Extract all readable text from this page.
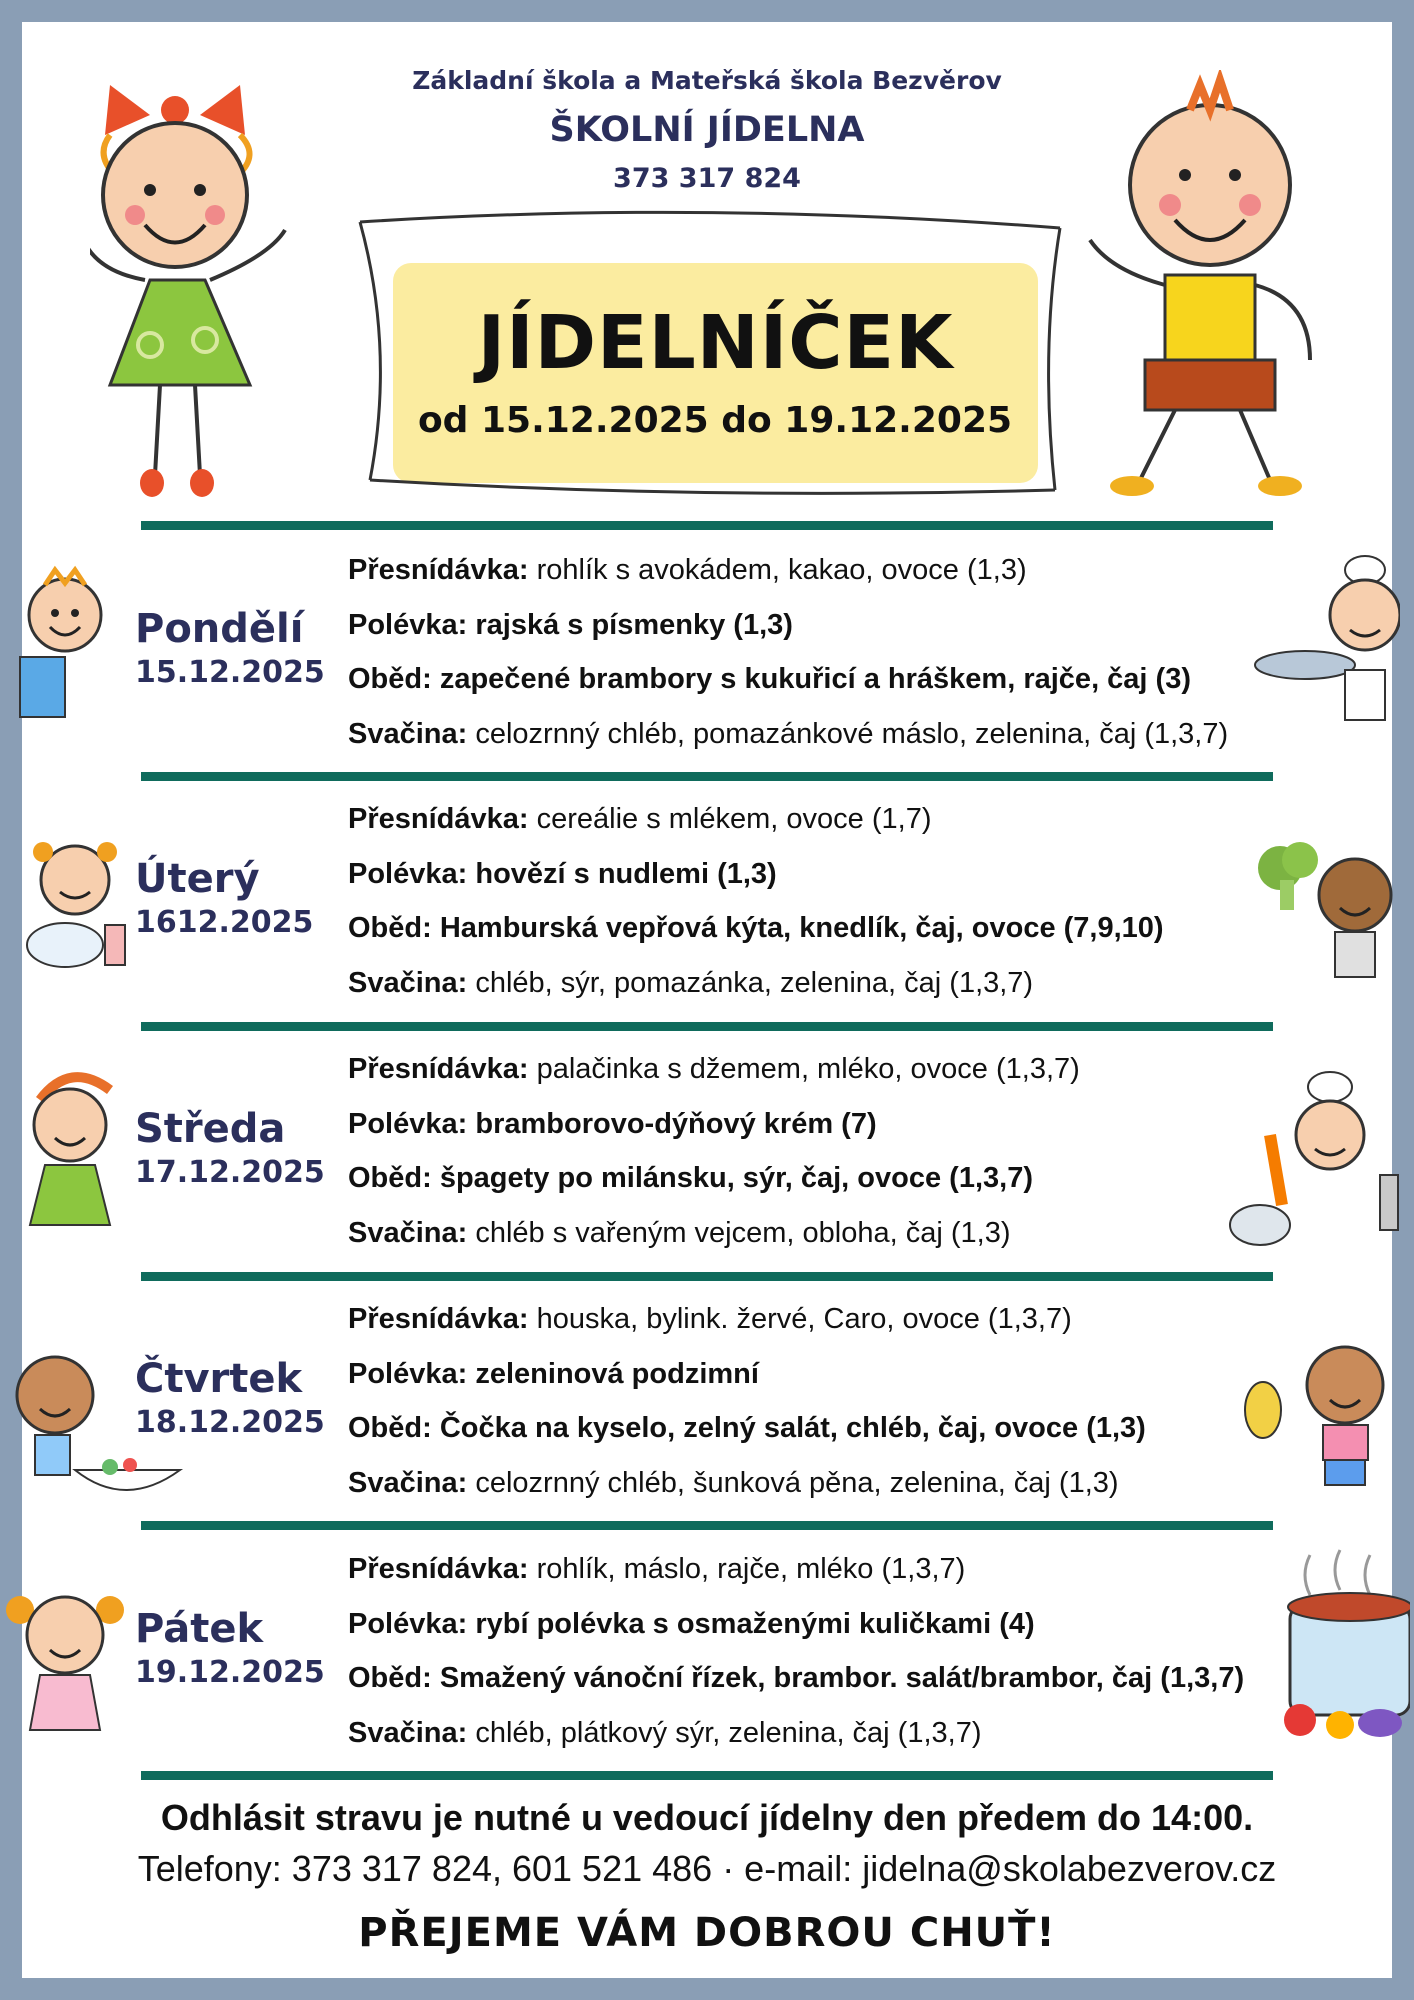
Základní škola a Mateřská škola Bezvěrov
ŠKOLNÍ JÍDELNA
373 317 824
JÍDELNÍČEK
od 15.12.2025 do 19.12.2025
Pondělí
15.12.2025
Přesnídávka: rohlík s avokádem, kakao, ovoce (1,3)
Polévka: rajská s písmenky (1,3)
Oběd: zapečené brambory s kukuřicí a hráškem, rajče, čaj (3)
Svačina: celozrnný chléb, pomazánkové máslo, zelenina, čaj (1,3,7)
Úterý
1612.2025
Přesnídávka: cereálie s mlékem, ovoce (1,7)
Polévka: hovězí s nudlemi (1,3)
Oběd: Hamburská vepřová kýta, knedlík, čaj, ovoce (7,9,10)
Svačina: chléb, sýr, pomazánka, zelenina, čaj (1,3,7)
Středa
17.12.2025
Přesnídávka: palačinka s džemem, mléko, ovoce (1,3,7)
Polévka: bramborovo-dýňový krém (7)
Oběd: špagety po milánsku, sýr, čaj, ovoce (1,3,7)
Svačina: chléb s vařeným vejcem, obloha, čaj (1,3)
Čtvrtek
18.12.2025
Přesnídávka: houska, bylink. žervé, Caro, ovoce (1,3,7)
Polévka: zeleninová podzimní
Oběd: Čočka na kyselo, zelný salát, chléb, čaj, ovoce (1,3)
Svačina: celozrnný chléb, šunková pěna, zelenina, čaj (1,3)
Pátek
19.12.2025
Přesnídávka: rohlík, máslo, rajče, mléko (1,3,7)
Polévka: rybí polévka s osmaženými kuličkami (4)
Oběd: Smažený vánoční řízek, brambor. salát/brambor, čaj (1,3,7)
Svačina: chléb, plátkový sýr, zelenina, čaj (1,3,7)
Odhlásit stravu je nutné u vedoucí jídelny den předem do 14:00.
Telefony: 373 317 824, 601 521 486 · e-mail: jidelna@skolabezverov.cz
PŘEJEME VÁM DOBROU CHUŤ!
